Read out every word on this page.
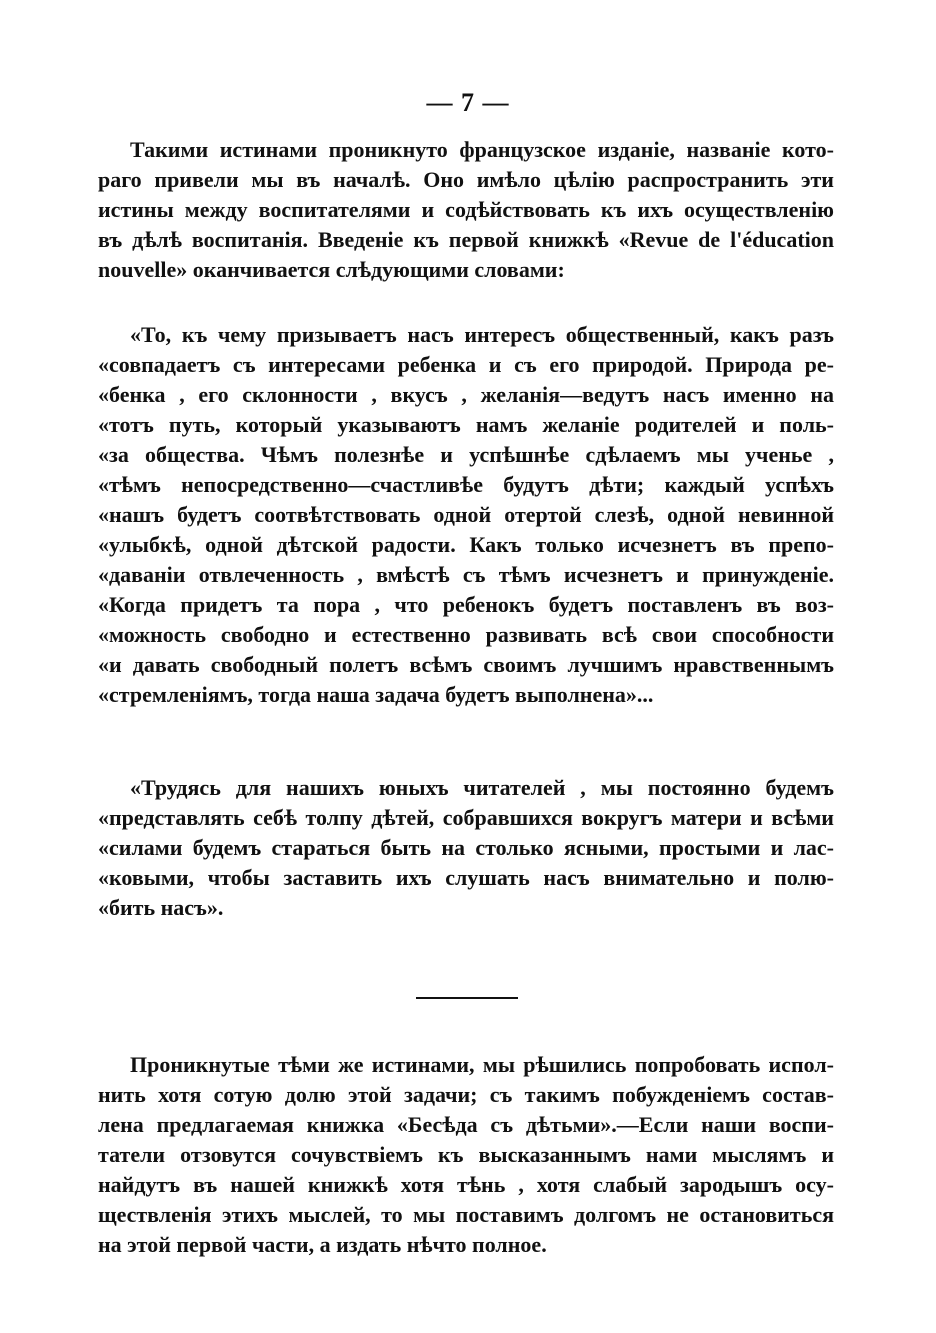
— 7 —
Такими истинами проникнуто французское изданіе, названіе кото-
раго привели мы въ началѣ. Оно имѣло цѣлію распространить эти
истины между воспитателями и содѣйствовать къ ихъ осуществленію
въ дѣлѣ воспитанія. Введеніе къ первой книжкѣ «Revue de l'éducation
nouvelle» оканчивается слѣдующими словами:
«То, къ чему призываетъ насъ интересъ общественный, какъ разъ
«совпадаетъ съ интересами ребенка и съ его природой. Природа ре-
«бенка , его склонности , вкусъ , желанія—ведутъ насъ именно на
«тотъ путь, который указываютъ намъ желаніе родителей и поль-
«за общества. Чѣмъ полезнѣе и успѣшнѣе сдѣлаемъ мы ученье ,
«тѣмъ непосредственно—счастливѣе будутъ дѣти; каждый успѣхъ
«нашъ будетъ соотвѣтствовать одной отертой слезѣ, одной невинной
«улыбкѣ, одной дѣтской радости. Какъ только исчезнетъ въ препо-
«даваніи отвлеченность , вмѣстѣ съ тѣмъ исчезнетъ и принужденіе.
«Когда придетъ та пора , что ребенокъ будетъ поставленъ въ воз-
«можность свободно и естественно развивать всѣ свои способности
«и давать свободный полетъ всѣмъ своимъ лучшимъ нравственнымъ
«стремленіямъ, тогда наша задача будетъ выполнена»...
«Трудясь для нашихъ юныхъ читателей , мы постоянно будемъ
«представлять себѣ толпу дѣтей, собравшихся вокругъ матери и всѣми
«силами будемъ стараться быть на столько ясными, простыми и лас-
«ковыми, чтобы заставить ихъ слушать насъ внимательно и полю-
«бить насъ».
Проникнутые тѣми же истинами, мы рѣшились попробовать испол-
нить хотя сотую долю этой задачи; съ такимъ побужденіемъ состав-
лена предлагаемая книжка «Бесѣда съ дѣтьми».—Если наши воспи-
татели отзовутся сочувствіемъ къ высказаннымъ нами мыслямъ и
найдутъ въ нашей книжкѣ хотя тѣнь , хотя слабый зародышъ осу-
ществленія этихъ мыслей, то мы поставимъ долгомъ не остановиться
на этой первой части, а издать нѣчто полное.
